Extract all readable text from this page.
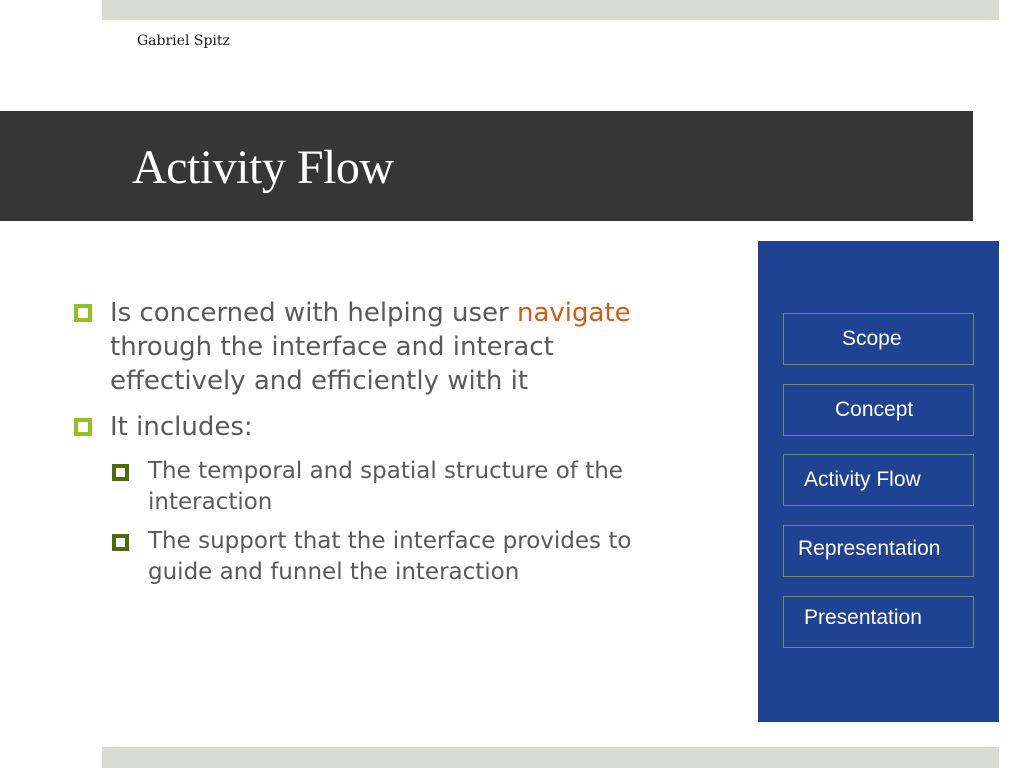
Gabriel Spitz
Activity Flow
Is concerned with helping user navigate through the interface and interact effectively and efficiently with it
It includes:
The temporal and spatial structure of the interaction
The support that the interface provides to guide and funnel the interaction
Scope
Concept
Activity Flow
Representation
Presentation
